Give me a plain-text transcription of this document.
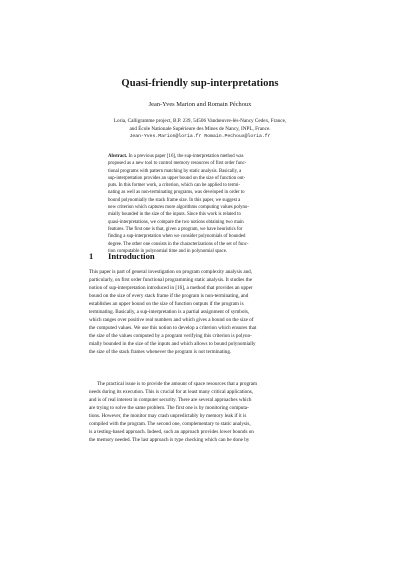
Quasi-friendly sup-interpretations
Jean-Yves Marion and Romain Péchoux
Loria, Calligramme project, B.P. 239, 54506 Vandœuvre-lès-Nancy Cedex, France,
and École Nationale Supérieure des Mines de Nancy, INPL, France.
Jean-Yves.Marion@loria.fr Romain.Pechoux@loria.fr
Abstract. In a previous paper [16], the sup-interpretation method was
proposed as a new tool to control memory resources of first order func-
tional programs with pattern matching by static analysis. Basically, a
sup-interpretation provides an upper bound on the size of function out-
puts. In this former work, a criterion, which can be applied to termi-
nating as well as non-terminating programs, was developed in order to
bound polynomially the stack frame size. In this paper, we suggest a
new criterion which captures more algorithms computing values polyno-
mially bounded in the size of the inputs. Since this work is related to
quasi-interpretations, we compare the two notions obtaining two main
features. The first one is that, given a program, we have heuristics for
finding a sup-interpretation when we consider polynomials of bounded
degree. The other one consists in the characterizations of the set of func-
tion computable in polynomial time and in polynomial space.
1 Introduction
This paper is part of general investigation on program complexity analysis and,
particularly, on first order functional programming static analysis. It studies the
notion of sup-interpretation introduced in [16], a method that provides an upper
bound on the size of every stack frame if the program is non-terminating, and
establishes an upper bound on the size of function outputs if the program is
terminating. Basically, a sup-interpretation is a partial assignment of symbols,
which ranges over positive real numbers and which gives a bound on the size of
the computed values. We use this notion to develop a criterion which ensures that
the size of the values computed by a program verifying this criterion is polyno-
mially bounded in the size of the inputs and which allows to bound polynomially
the size of the stack frames whenever the program is not terminating.
The practical issue is to provide the amount of space resources that a program
needs during its execution. This is crucial for at least many critical applications,
and is of real interest in computer security. There are several approaches which
are trying to solve the same problem. The first one is by monitoring computa-
tions. However, the monitor may crash unpredictably by memory leak if it is
compiled with the program. The second one, complementary to static analysis,
is a testing-based approach. Indeed, such an approach provides lower bounds on
the memory needed. The last approach is type checking which can be done by
